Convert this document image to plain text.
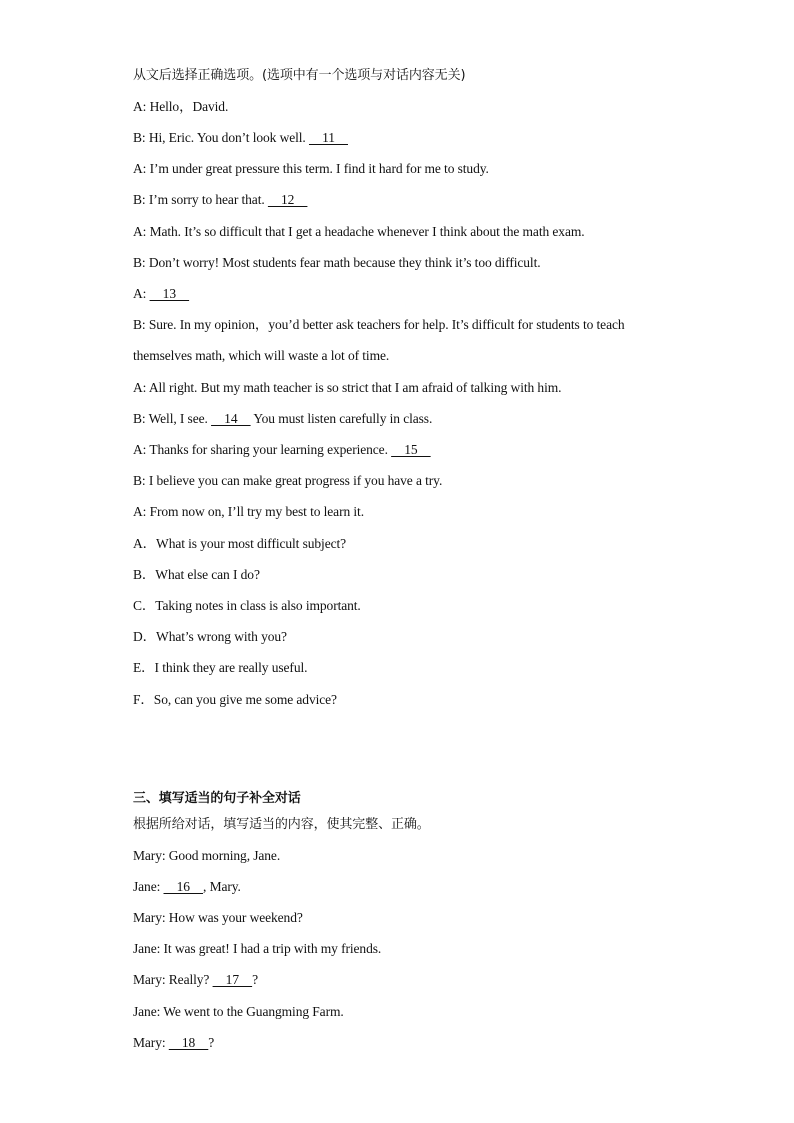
从文后选择正确选项。(选项中有一个选项与对话内容无关)
A: Hello，David.
B: Hi, Eric. You don’t look well.     11
A: I’m under great pressure this term. I find it hard for me to study.
B: I’m sorry to hear that.     12
A: Math. It’s so difficult that I get a headache whenever I think about the math exam.
B: Don’t worry! Most students fear math because they think it’s too difficult.
A:     13
B: Sure. In my opinion，you’d better ask teachers for help. It’s difficult for students to teach
themselves math, which will waste a lot of time.
A: All right. But my math teacher is so strict that I am afraid of talking with him.
B: Well, I see.     14     You must listen carefully in class.
A: Thanks for sharing your learning experience.     15
B: I believe you can make great progress if you have a try.
A: From now on, I’ll try my best to learn it.
A．What is your most difficult subject?
B．What else can I do?
C．Taking notes in class is also important.
D．What’s wrong with you?
E．I think they are really useful.
F．So, can you give me some advice?
三、填写适当的句子补全对话
根据所给对话，填写适当的内容，使其完整、正确。
Mary: Good morning, Jane.
Jane:     16    , Mary.
Mary: How was your weekend?
Jane: It was great! I had a trip with my friends.
Mary: Really?     17    ?
Jane: We went to the Guangming Farm.
Mary:     18    ?
